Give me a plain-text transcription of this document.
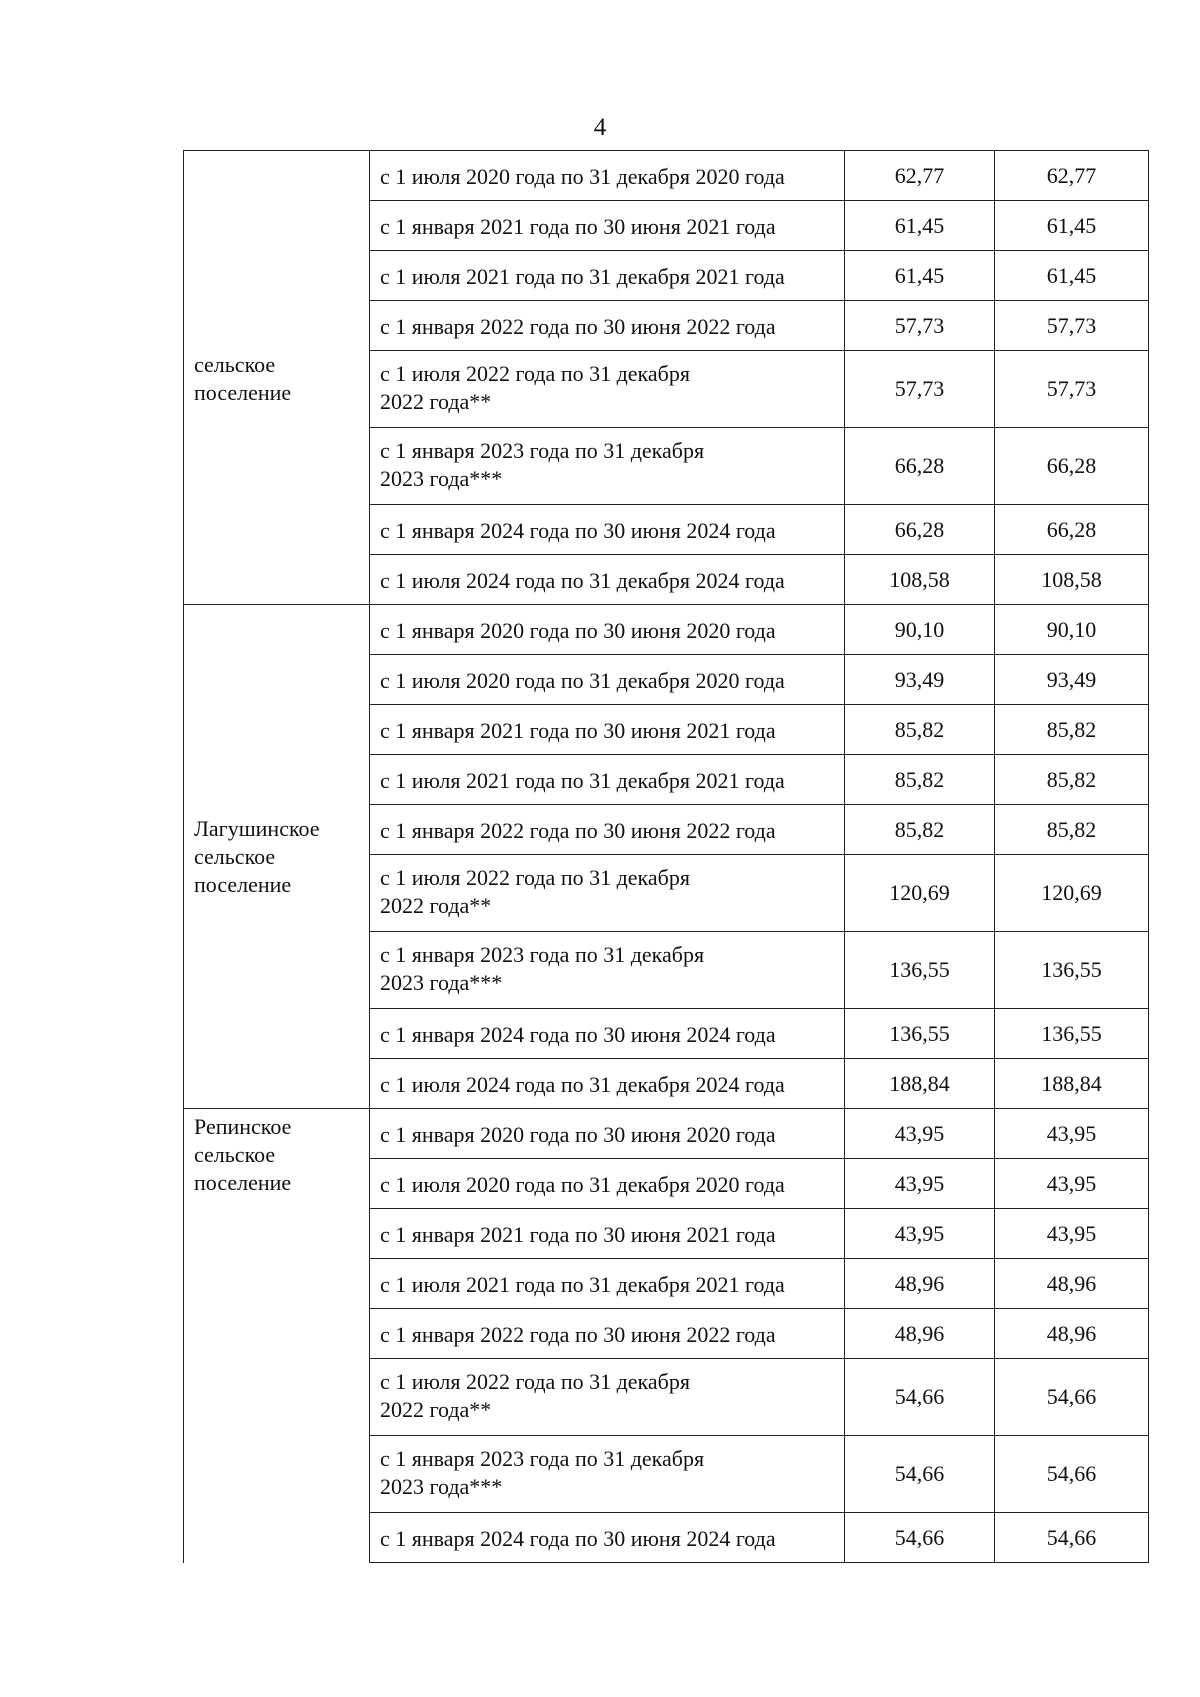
4
сельское
поселение	с 1 июля 2020 года по 31 декабря 2020 года	62,77	62,77
	с 1 января 2021 года по 30 июня 2021 года	61,45	61,45
	с 1 июля 2021 года по 31 декабря 2021 года	61,45	61,45
	с 1 января 2022 года по 30 июня 2022 года	57,73	57,73
	с 1 июля 2022 года по 31 декабря
2022 года**	57,73	57,73
	с 1 января 2023 года по 31 декабря
2023 года***	66,28	66,28
	с 1 января 2024 года по 30 июня 2024 года	66,28	66,28
	с 1 июля 2024 года по 31 декабря 2024 года	108,58	108,58

Лагушинское
сельское
поселение	с 1 января 2020 года по 30 июня 2020 года	90,10	90,10
	с 1 июля 2020 года по 31 декабря 2020 года	93,49	93,49
	с 1 января 2021 года по 30 июня 2021 года	85,82	85,82
	с 1 июля 2021 года по 31 декабря 2021 года	85,82	85,82
	с 1 января 2022 года по 30 июня 2022 года	85,82	85,82
	с 1 июля 2022 года по 31 декабря
2022 года**	120,69	120,69
	с 1 января 2023 года по 31 декабря
2023 года***	136,55	136,55
	с 1 января 2024 года по 30 июня 2024 года	136,55	136,55
	с 1 июля 2024 года по 31 декабря 2024 года	188,84	188,84

Репинское
сельское
поселение	с 1 января 2020 года по 30 июня 2020 года	43,95	43,95
	с 1 июля 2020 года по 31 декабря 2020 года	43,95	43,95
	с 1 января 2021 года по 30 июня 2021 года	43,95	43,95
	с 1 июля 2021 года по 31 декабря 2021 года	48,96	48,96
	с 1 января 2022 года по 30 июня 2022 года	48,96	48,96
	с 1 июля 2022 года по 31 декабря
2022 года**	54,66	54,66
	с 1 января 2023 года по 31 декабря
2023 года***	54,66	54,66
	с 1 января 2024 года по 30 июня 2024 года	54,66	54,66
